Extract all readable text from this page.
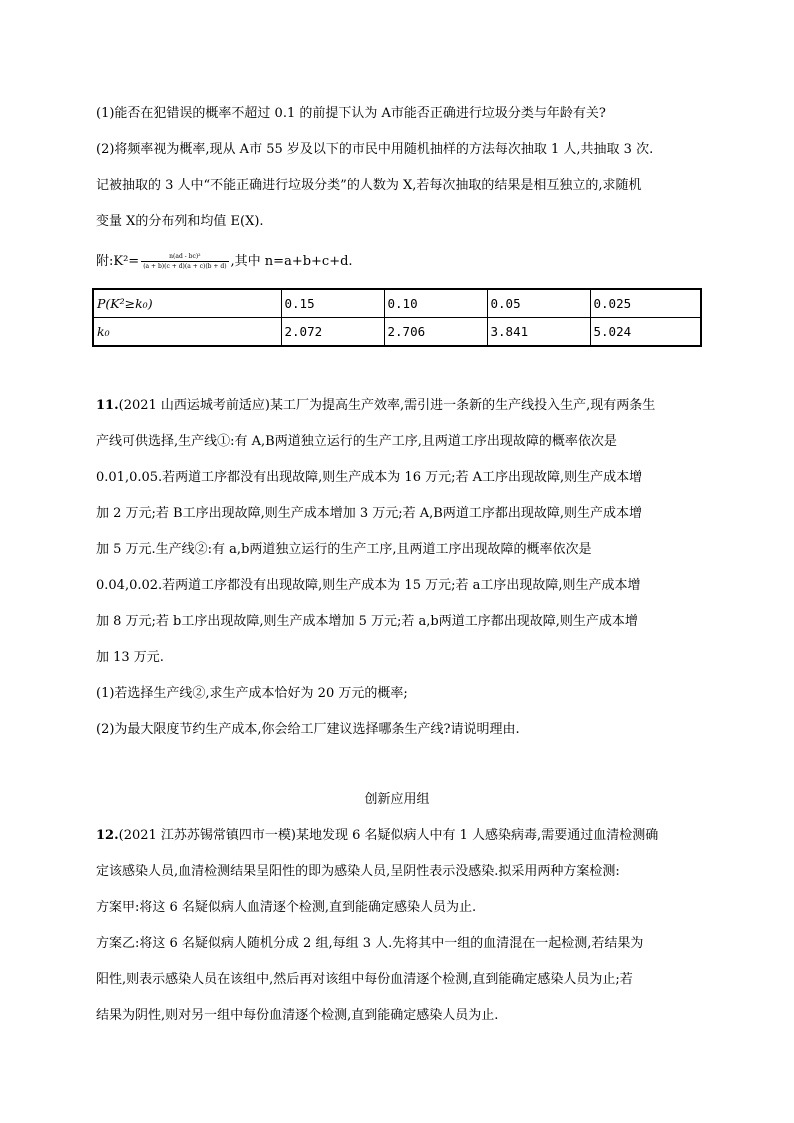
(1)能否在犯错误的概率不超过 0.1 的前提下认为 A市能否正确进行垃圾分类与年龄有关?
(2)将频率视为概率,现从 A市 55 岁及以下的市民中用随机抽样的方法每次抽取 1 人,共抽取 3 次.
记被抽取的 3 人中“不能正确进行垃圾分类”的人数为 X,若每次抽取的结果是相互独立的,求随机
变量 X的分布列和均值 E(X).
附:K²= $\frac{\text{n(ad - bc)²}}{(a + b)(c + d)(a + c)(b + d)}$ ,其中 n=a+b+c+d.
P(K²≥k₀)	0.15	0.10	0.05	0.025
k₀	2.072	2.706	3.841	5.024
11.(2021 山西运城考前适应)某工厂为提高生产效率,需引进一条新的生产线投入生产,现有两条生
产线可供选择,生产线①:有 A,B两道独立运行的生产工序,且两道工序出现故障的概率依次是
0.01,0.05.若两道工序都没有出现故障,则生产成本为 16 万元;若 A工序出现故障,则生产成本增
加 2 万元;若 B工序出现故障,则生产成本增加 3 万元;若 A,B两道工序都出现故障,则生产成本增
加 5 万元.生产线②:有 a,b两道独立运行的生产工序,且两道工序出现故障的概率依次是
0.04,0.02.若两道工序都没有出现故障,则生产成本为 15 万元;若 a工序出现故障,则生产成本增
加 8 万元;若 b工序出现故障,则生产成本增加 5 万元;若 a,b两道工序都出现故障,则生产成本增
加 13 万元.
(1)若选择生产线②,求生产成本恰好为 20 万元的概率;
(2)为最大限度节约生产成本,你会给工厂建议选择哪条生产线?请说明理由.
创新应用组
12.(2021 江苏苏锡常镇四市一模)某地发现 6 名疑似病人中有 1 人感染病毒,需要通过血清检测确
定该感染人员,血清检测结果呈阳性的即为感染人员,呈阴性表示没感染.拟采用两种方案检测:
方案甲:将这 6 名疑似病人血清逐个检测,直到能确定感染人员为止.
方案乙:将这 6 名疑似病人随机分成 2 组,每组 3 人.先将其中一组的血清混在一起检测,若结果为
阳性,则表示感染人员在该组中,然后再对该组中每份血清逐个检测,直到能确定感染人员为止;若
结果为阴性,则对另一组中每份血清逐个检测,直到能确定感染人员为止.
